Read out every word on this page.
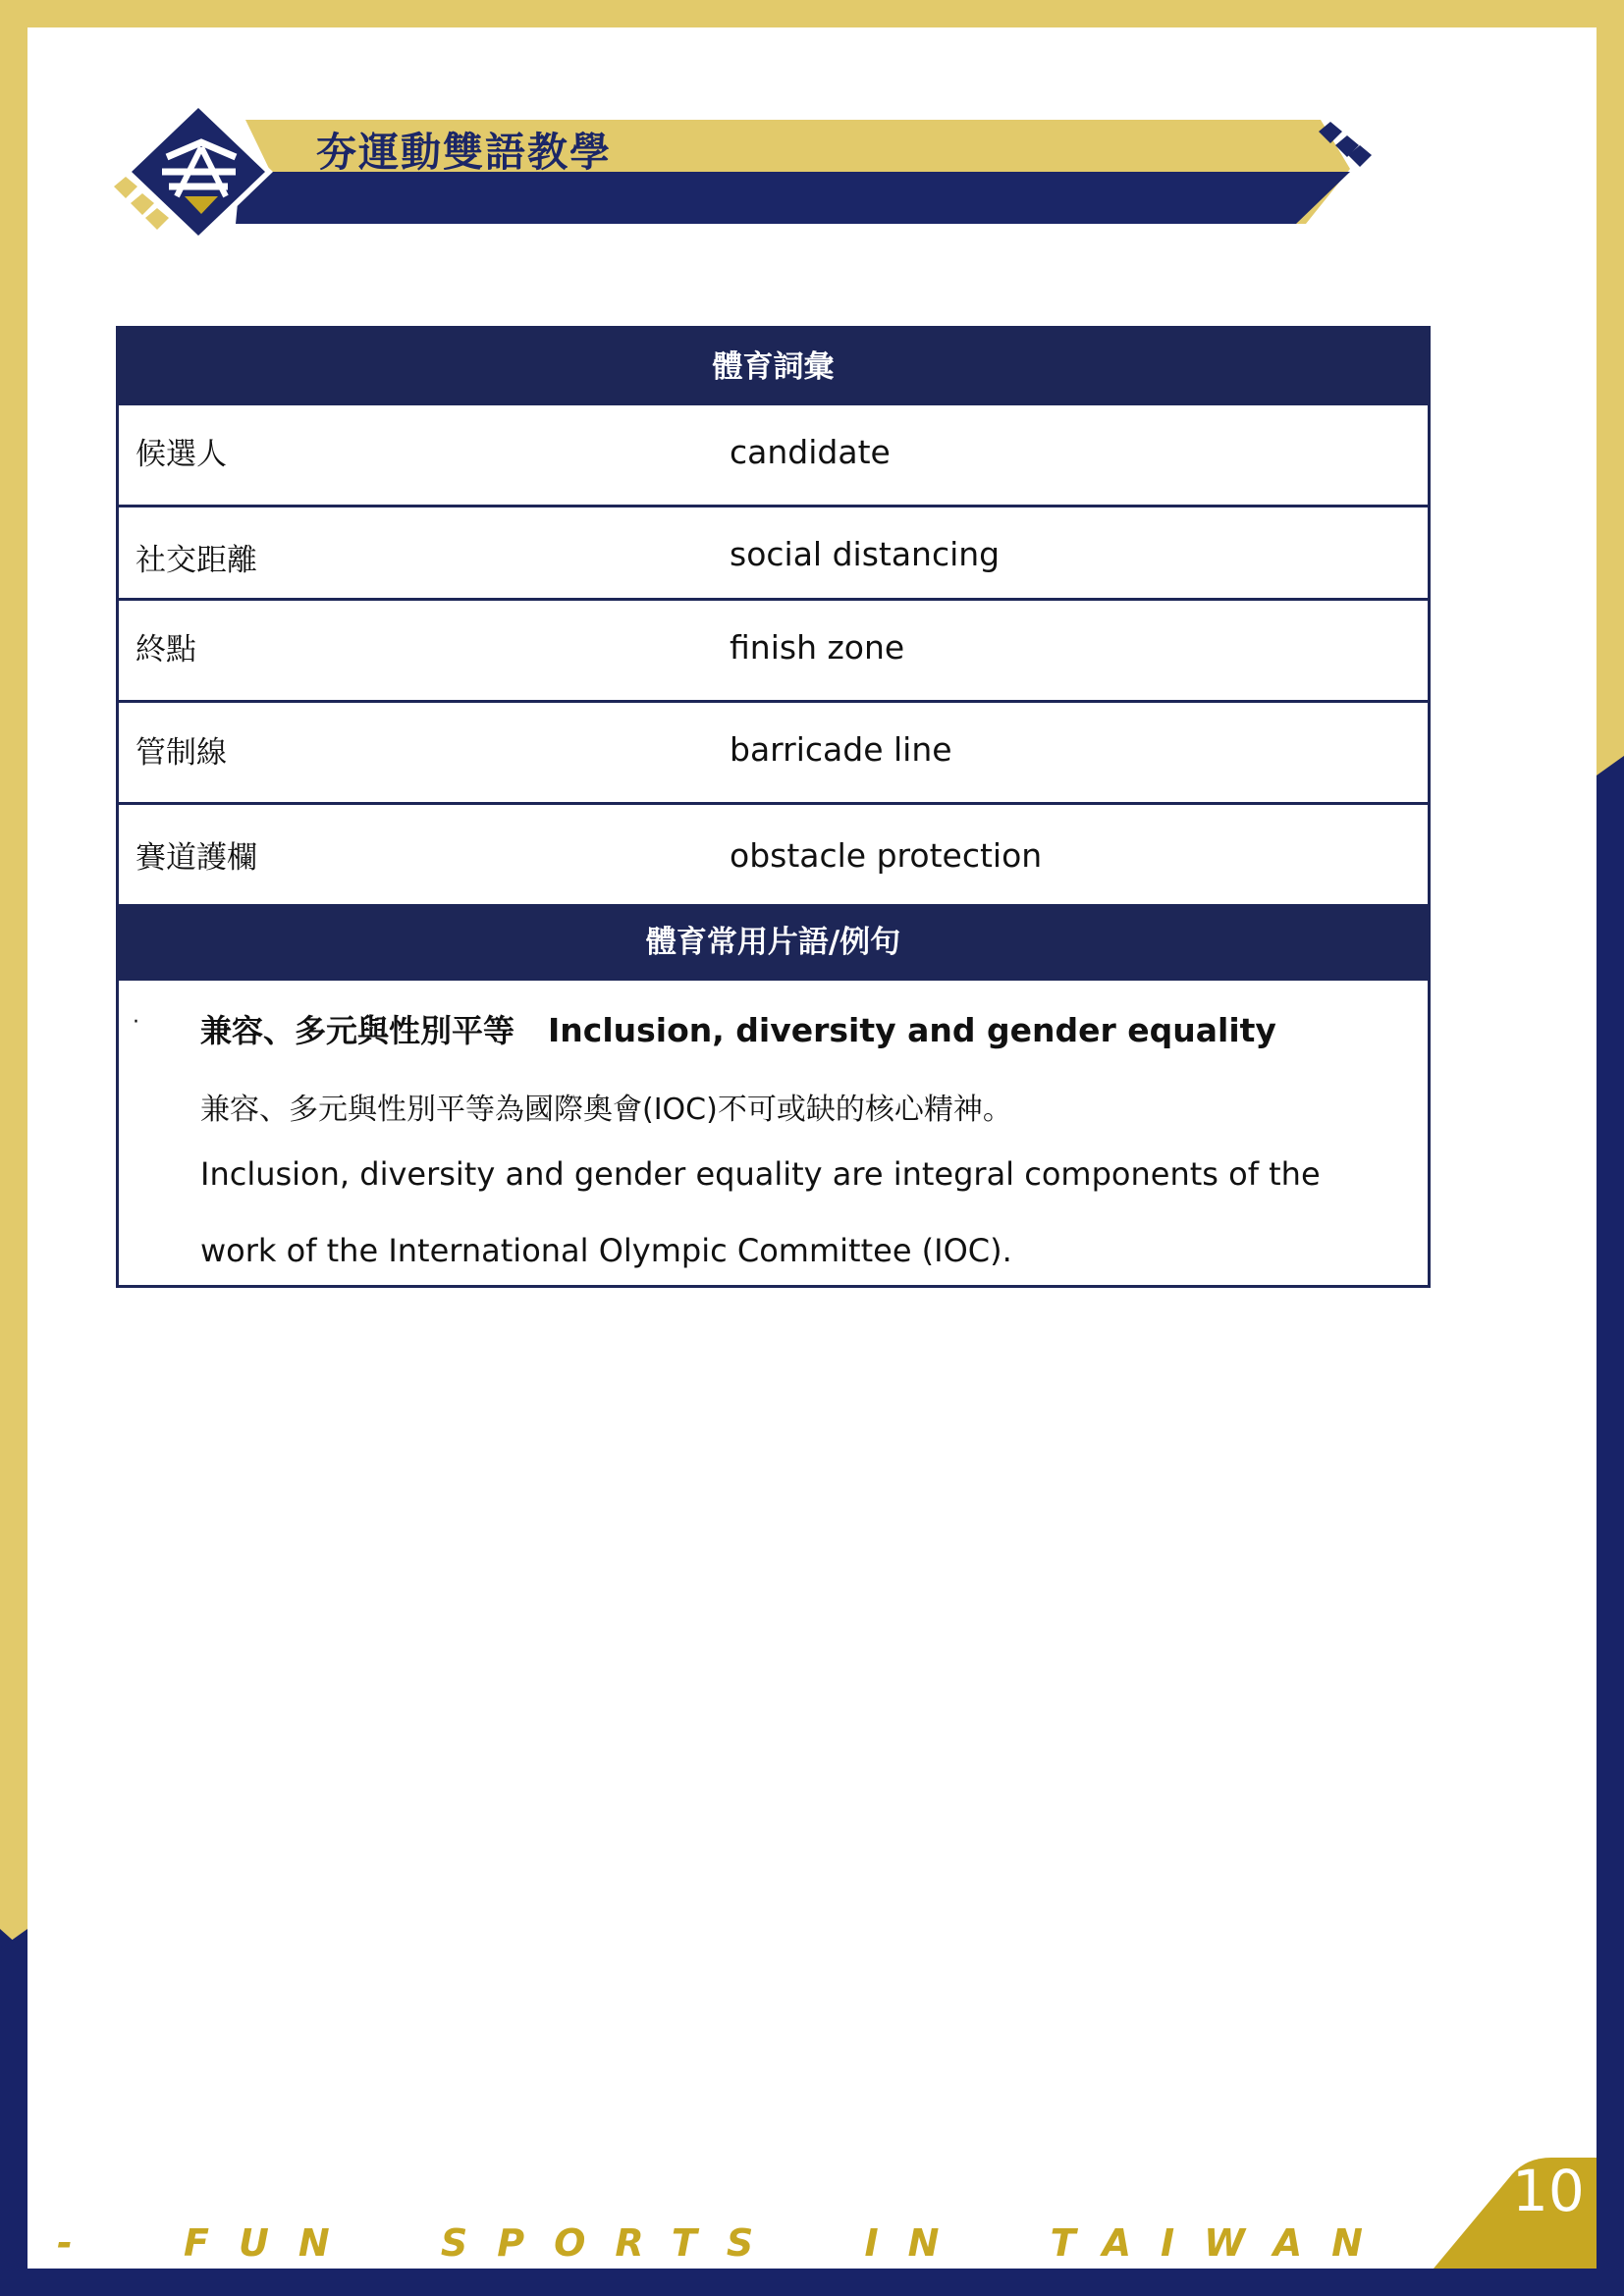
夯運動雙語教學
體育詞彙
候選人	candidate
社交距離	social distancing
終點	finish zone
管制線	barricade line
賽道護欄	obstacle protection
體育常用片語/例句
· 兼容、多元與性別平等 Inclusion, diversity and gender equality
兼容、多元與性別平等為國際奧會(IOC)不可或缺的核心精神。
Inclusion, diversity and gender equality are integral components of the
work of the International Olympic Committee (IOC).
- FUN SPORTS IN TAIWAN -
10
